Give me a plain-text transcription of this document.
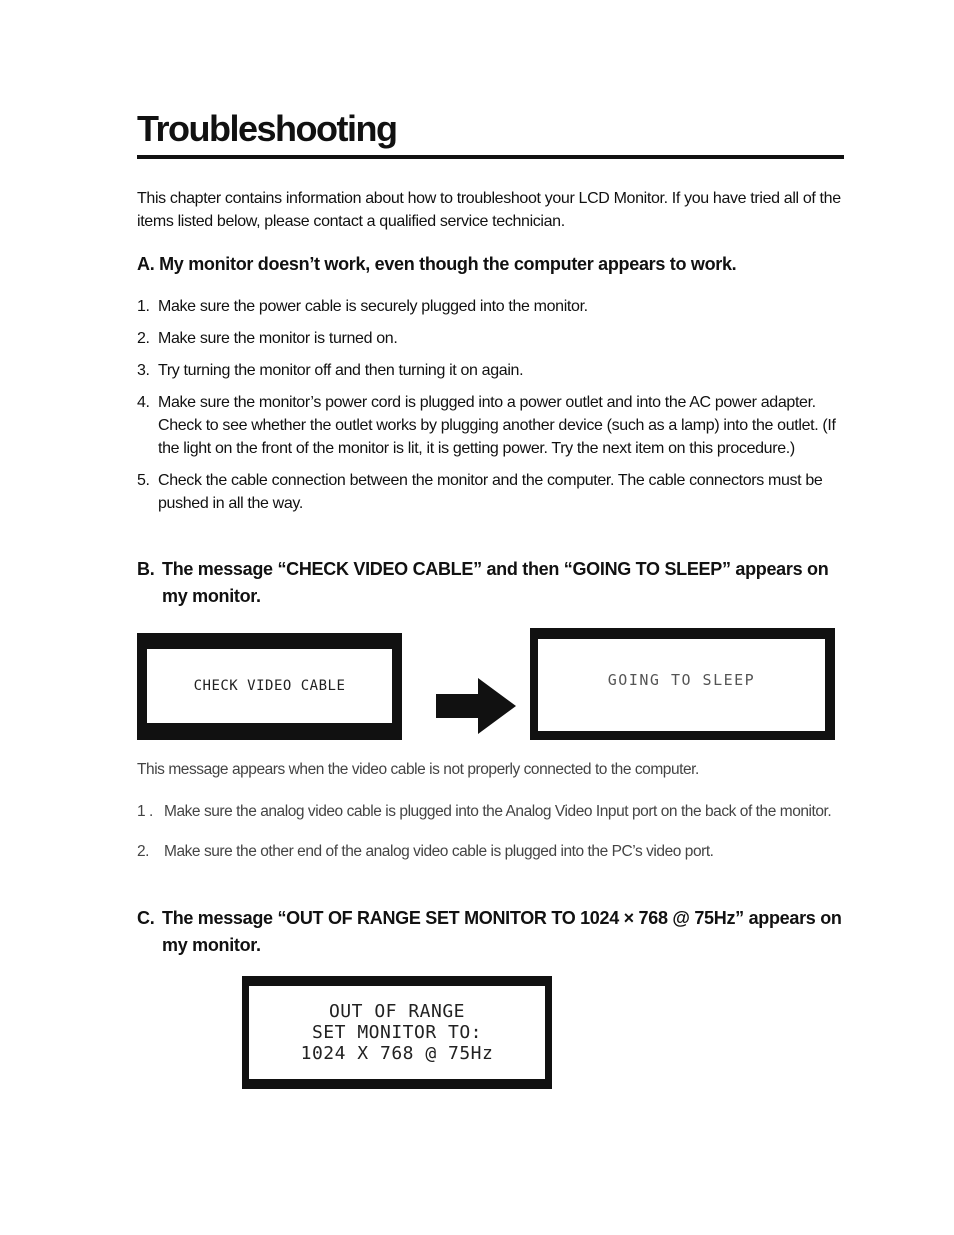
Troubleshooting

This chapter contains information about how to troubleshoot your LCD Monitor. If you have tried all of the items listed below, please contact a qualified service technician.

A. My monitor doesn’t work, even though the computer appears to work.
1. Make sure the power cable is securely plugged into the monitor.
2. Make sure the monitor is turned on.
3. Try turning the monitor off and then turning it on again.
4. Make sure the monitor’s power cord is plugged into a power outlet and into the AC power adapter. Check to see whether the outlet works by plugging another device (such as a lamp) into the outlet. (If the light on the front of the monitor is lit, it is getting power. Try the next item on this procedure.)
5. Check the cable connection between the monitor and the computer. The cable connectors must be pushed in all the way.
B. The message “CHECK VIDEO CABLE” and then “GOING TO SLEEP” appears on my monitor.
CHECK VIDEO CABLE	GOING TO SLEEP

This message appears when the video cable is not properly connected to the computer.

1 . Make sure the analog video cable is plugged into the Analog Video Input port on the back of the monitor.
2. Make sure the other end of the analog video cable is plugged into the PC’s video port.
C. The message “OUT OF RANGE SET MONITOR TO 1024 × 768 @ 75Hz” appears on my monitor.
OUT OF RANGE
SET MONITOR TO:
1024 X 768 @ 75Hz
